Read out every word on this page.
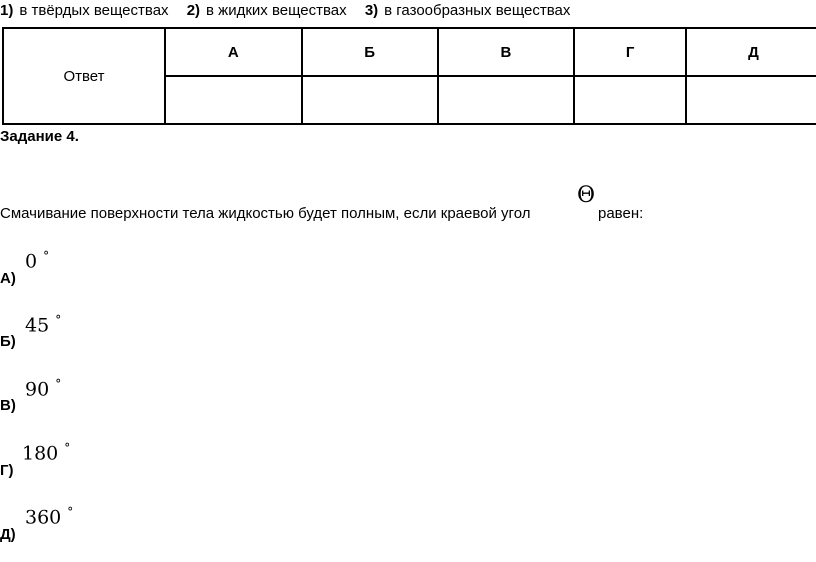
1) в твёрдых веществах 2) в жидких веществах 3) в газообразных веществах
Ответ	А	Б	В	Г	Д

Задание 4.
Смачивание поверхности тела жидкостью будет полным, если краевой угол
Θ
равен:
0 °
А)
45 °
Б)
90 °
В)
180 °
Г)
360 °
Д)
